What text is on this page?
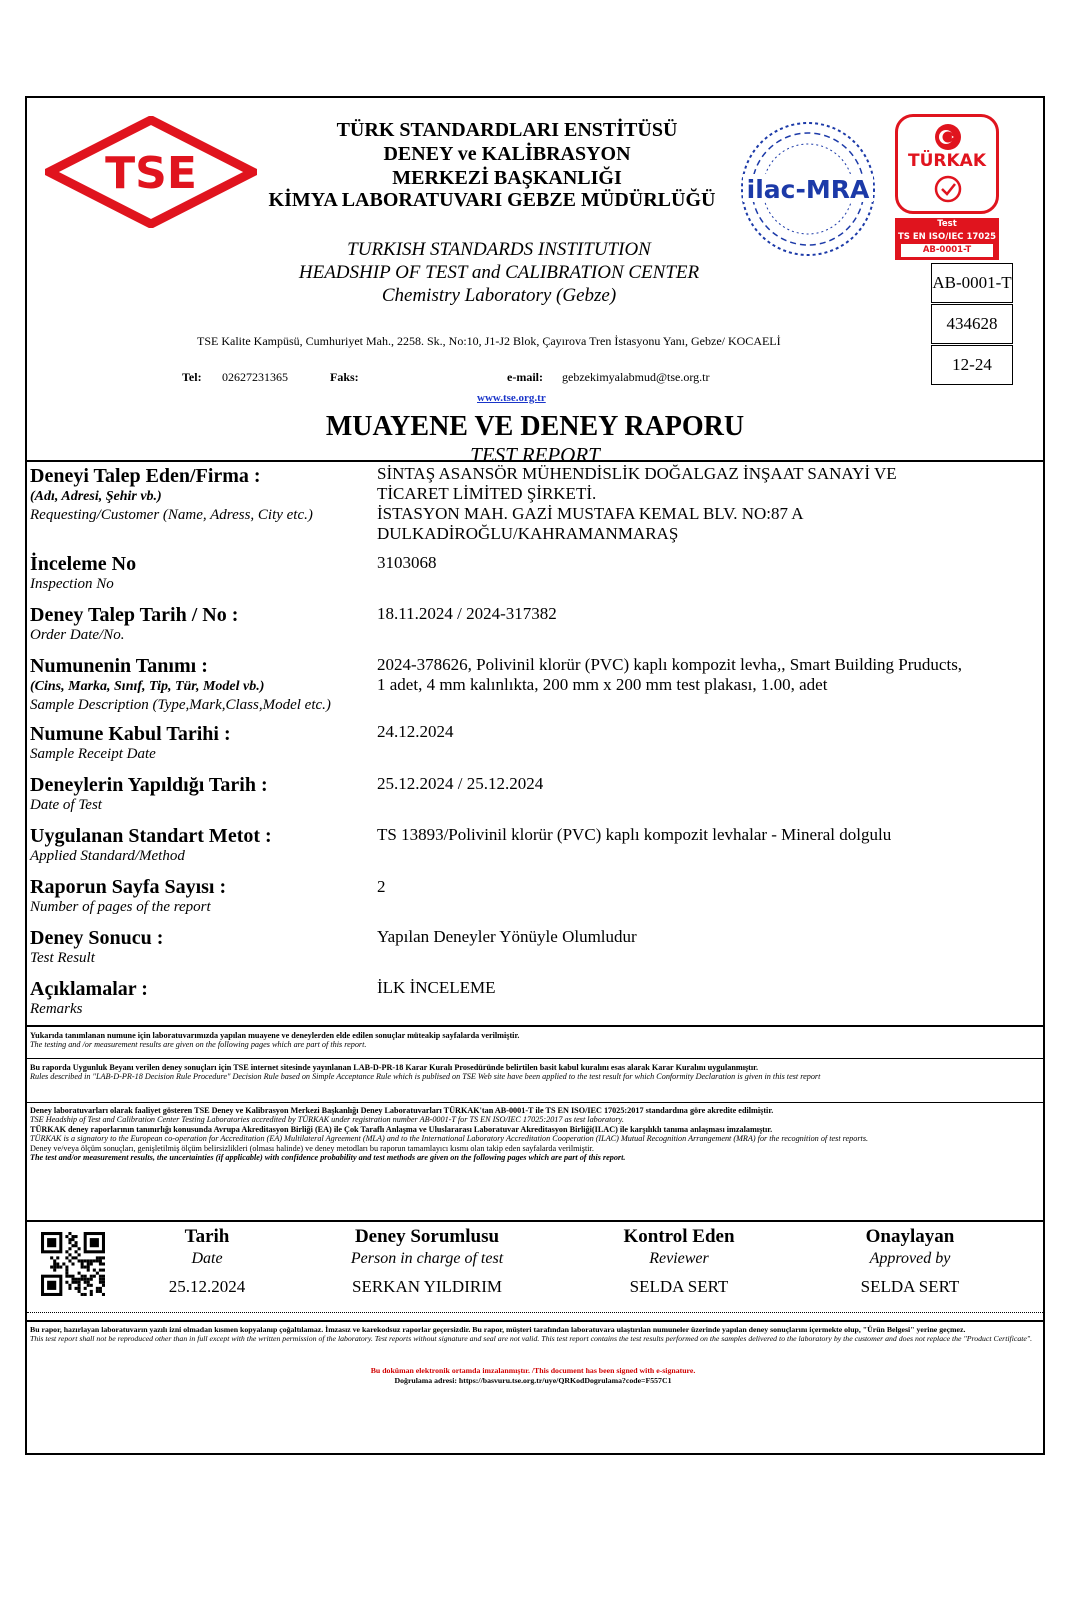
TSE
TÜRK STANDARDLARI ENSTİTÜSÜ
DENEY ve KALİBRASYON
MERKEZİ BAŞKANLIĞI
KİMYA LABORATUVARI GEBZE MÜDÜRLÜĞÜ
TURKISH STANDARDS INSTITUTION
HEADSHIP OF TEST and CALIBRATION CENTER
Chemistry Laboratory (Gebze)
TSE Kalite Kampüsü, Cumhuriyet Mah., 2258. Sk., No:10, J1-J2 Blok, Çayırova Tren İstasyonu Yanı, Gebze/ KOCAELİ
Tel: 02627231365	Faks:	e-mail: gebzekimyalabmud@tse.org.tr
www.tse.org.tr
ilac-MRA
TÜRKAK
Test
TS EN ISO/IEC 17025
AB-0001-T
AB-0001-T
434628
12-24
MUAYENE VE DENEY RAPORU
TEST REPORT
Deneyi Talep Eden/Firma :
(Adı, Adresi, Şehir vb.)
Requesting/Customer (Name, Adress, City etc.)
SİNTAŞ ASANSÖR MÜHENDİSLİK DOĞALGAZ İNŞAAT SANAYİ VE
TİCARET LİMİTED ŞİRKETİ.
İSTASYON MAH. GAZİ MUSTAFA KEMAL BLV. NO:87 A
DULKADİROĞLU/KAHRAMANMARAŞ
İnceleme No
Inspection No
3103068
Deney Talep Tarih / No :
Order Date/No.
18.11.2024 / 2024-317382
Numunenin Tanımı :
(Cins, Marka, Sınıf, Tip, Tür, Model vb.)
Sample Description (Type,Mark,Class,Model etc.)
2024-378626, Polivinil klorür (PVC) kaplı kompozit levha,, Smart Building Pruducts,
1 adet, 4 mm kalınlıkta, 200 mm x 200 mm test plakası, 1.00, adet
Numune Kabul Tarihi :
Sample Receipt Date
24.12.2024
Deneylerin Yapıldığı Tarih :
Date of Test
25.12.2024 / 25.12.2024
Uygulanan Standart Metot :
Applied Standard/Method
TS 13893/Polivinil klorür (PVC) kaplı kompozit levhalar - Mineral dolgulu
Raporun Sayfa Sayısı :
Number of pages of the report
2
Deney Sonucu :
Test Result
Yapılan Deneyler Yönüyle Olumludur
Açıklamalar :
Remarks
İLK İNCELEME
Yukarıda tanımlanan numune için laboratuvarımızda yapılan muayene ve deneylerden elde edilen sonuçlar müteakip sayfalarda verilmiştir.
The testing and /or measurement results are given on the following pages which are part of this report.
Bu raporda Uygunluk Beyanı verilen deney sonuçları için TSE internet sitesinde yayınlanan LAB-D-PR-18 Karar Kuralı Prosedüründe belirtilen basit kabul kuralını esas alarak Karar Kuralını uygulanmıştır.
Rules described in "LAB-D-PR-18 Decision Rule Procedure" Decision Rule based on Simple Acceptance Rule which is publised on TSE Web site have been applied to the test result for which Conformity Declaration is given in this test report
Deney laboratuvarları olarak faaliyet gösteren TSE Deney ve Kalibrasyon Merkezi Başkanlığı Deney Laboratuvarları TÜRKAK'tan AB-0001-T ile TS EN ISO/IEC 17025:2017 standardına göre akredite edilmiştir.
TSE Headship of Test and Calibration Center Testing Laboratories accredited by TÜRKAK under registration number AB-0001-T for TS EN ISO/IEC 17025:2017 as test laboratory.
TÜRKAK deney raporlarının tanınırlığı konusunda Avrupa Akreditasyon Birliği (EA) ile Çok Taraflı Anlaşma ve Uluslararası Laboratuvar Akreditasyon Birliği(ILAC) ile karşılıklı tanıma anlaşması imzalamıştır.
TÜRKAK is a signatory to the European co-operation for Accreditation (EA) Multilateral Agreement (MLA) and to the International Laboratory Accreditation Cooperation (ILAC) Mutual Recognition Arrangement (MRA) for the recognition of test reports.
Deney ve/veya ölçüm sonuçları, genişletilmiş ölçüm belirsizlikleri (olması halinde) ve deney metodları bu raporun tamamlayıcı kısmı olan takip eden sayfalarda verilmiştir.
The test and/or measurement results, the uncertainties (if applicable) with confidence probability and test methods are given on the following pages which are part of this report.
Tarih
Date
25.12.2024
Deney Sorumlusu
Person in charge of test
SERKAN YILDIRIM
Kontrol Eden
Reviewer
SELDA SERT
Onaylayan
Approved by
SELDA SERT
Bu rapor, hazırlayan laboratuvarın yazılı izni olmadan kısmen kopyalanıp çoğaltılamaz. İmzasız ve karekodsuz raporlar geçersizdir. Bu rapor, müşteri tarafından laboratuvara ulaştırılan numuneler üzerinde yapılan deney sonuçlarını içermekte olup, "Ürün Belgesi" yerine geçmez.
This test report shall not be reproduced other than in full except with the written permission of the laboratory. Test reports without signature and seal are not valid. This test report contains the test results performed on the samples delivered to the laboratory by the customer and does not replace the "Product Certificate".
Bu doküman elektronik ortamda imzalanmıştır. /This document has been signed with e-signature.
Doğrulama adresi: https://basvuru.tse.org.tr/uye/QRKodDogrulama?code=F557C1
